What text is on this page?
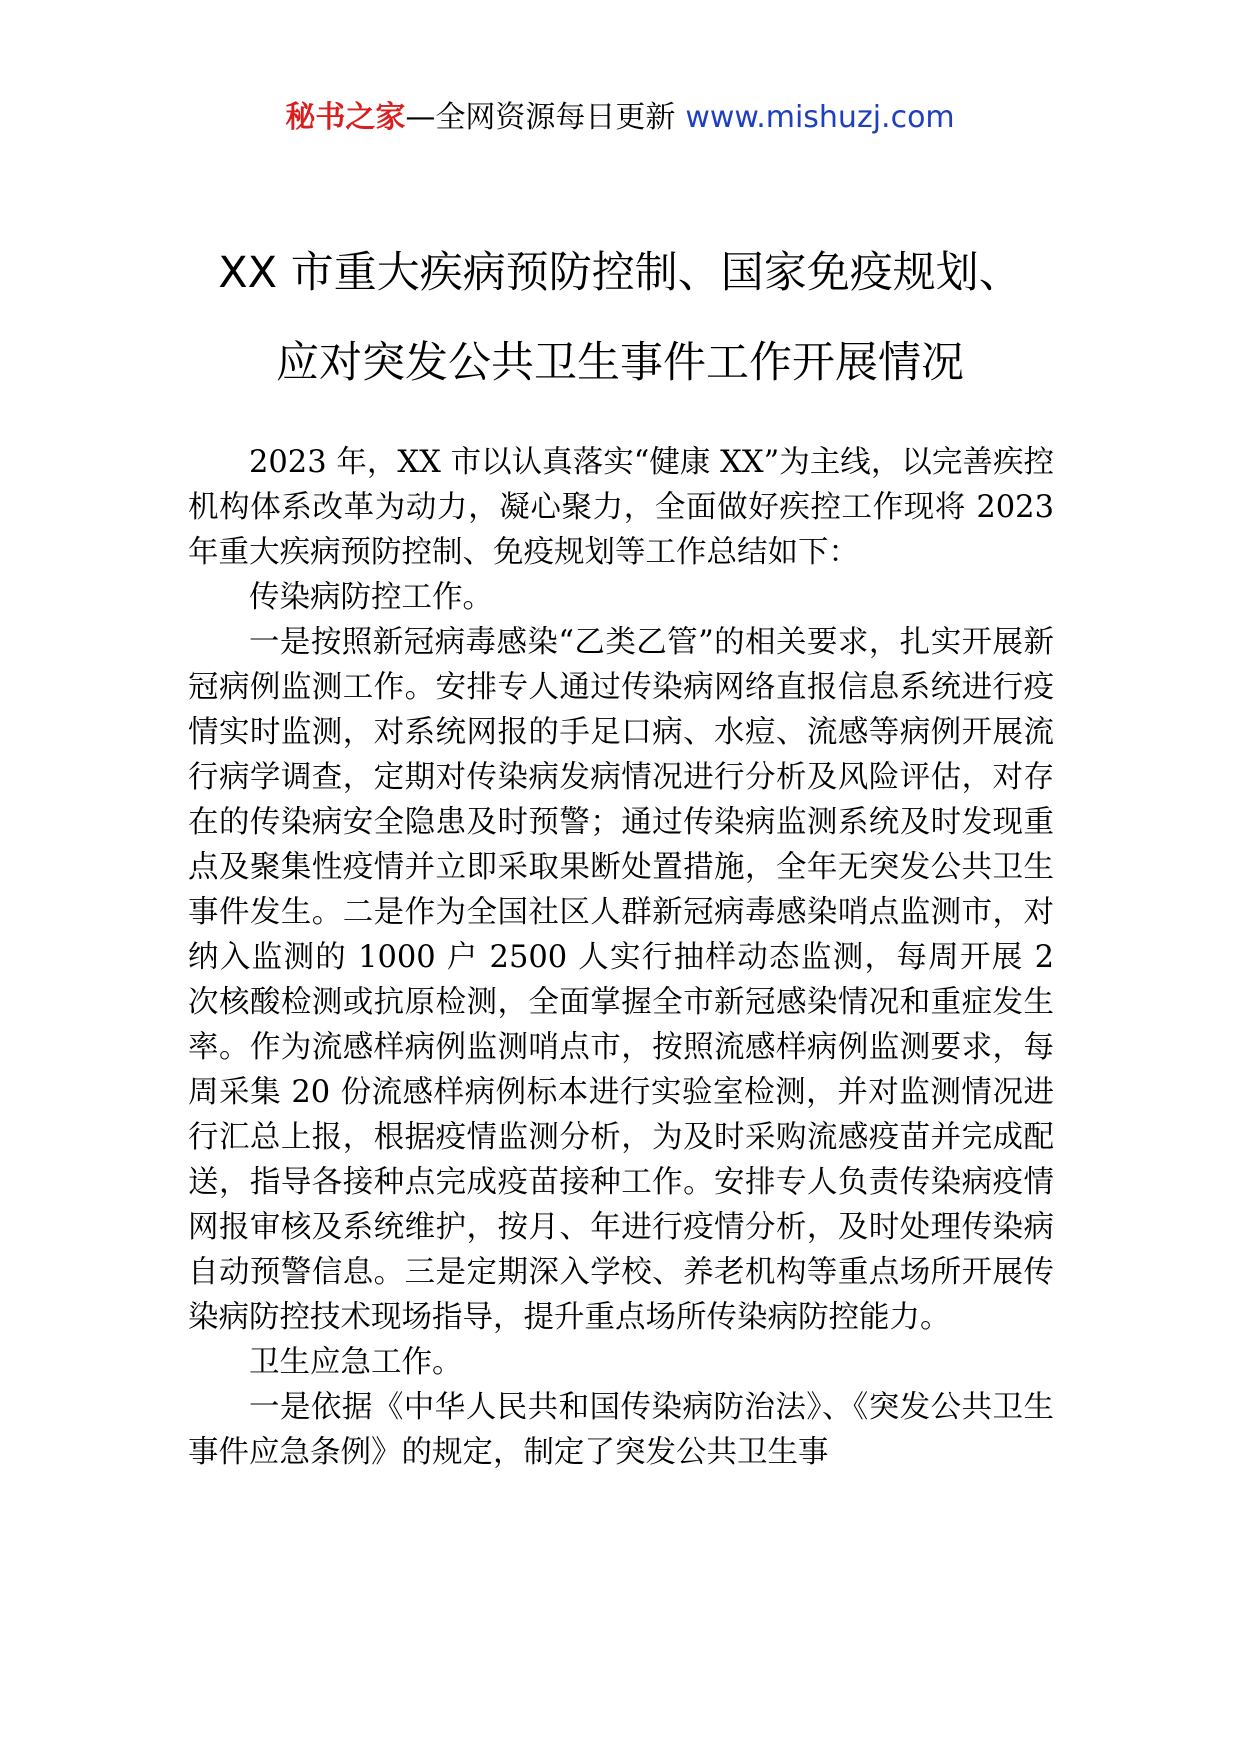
秘书之家—全网资源每日更新 www.mishuzj.com
XX 市重大疾病预防控制、国家免疫规划、
应对突发公共卫生事件工作开展情况

2023 年，XX 市以认真落实“健康 XX”为主线，以完善疾控机构体系改革为动力，凝心聚力，全面做好疾控工作现将 2023 年重大疾病预防控制、免疫规划等工作总结如下：

传染病防控工作。

一是按照新冠病毒感染“乙类乙管”的相关要求，扎实开展新冠病例监测工作。安排专人通过传染病网络直报信息系统进行疫情实时监测，对系统网报的手足口病、水痘、流感等病例开展流行病学调查，定期对传染病发病情况进行分析及风险评估，对存在的传染病安全隐患及时预警；通过传染病监测系统及时发现重点及聚集性疫情并立即采取果断处置措施，全年无突发公共卫生事件发生。二是作为全国社区人群新冠病毒感染哨点监测市，对纳入监测的 1000 户 2500 人实行抽样动态监测，每周开展 2 次核酸检测或抗原检测，全面掌握全市新冠感染情况和重症发生率。作为流感样病例监测哨点市，按照流感样病例监测要求，每周采集 20 份流感样病例标本进行实验室检测，并对监测情况进行汇总上报，根据疫情监测分析，为及时采购流感疫苗并完成配送，指导各接种点完成疫苗接种工作。安排专人负责传染病疫情网报审核及系统维护，按月、年进行疫情分析，及时处理传染病自动预警信息。三是定期深入学校、养老机构等重点场所开展传染病防控技术现场指导，提升重点场所传染病防控能力。

卫生应急工作。

一是依据《中华人民共和国传染病防治法》、《突发公共卫生事件应急条例》的规定，制定了突发公共卫生事
